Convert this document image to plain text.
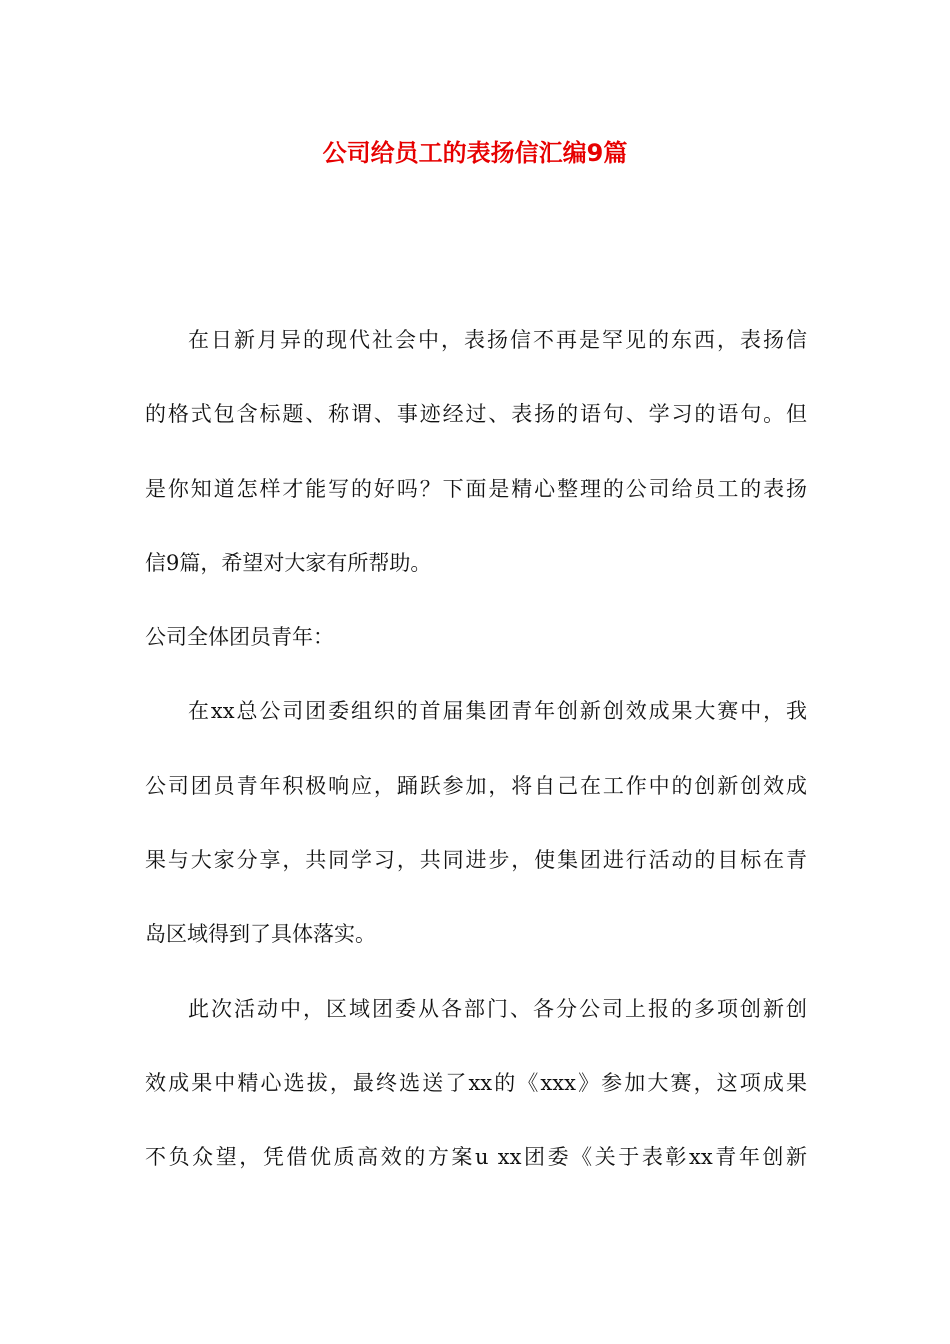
公司给员工的表扬信汇编9篇
在日新月异的现代社会中，表扬信不再是罕见的东西，表扬信
的格式包含标题、称谓、事迹经过、表扬的语句、学习的语句。但
是你知道怎样才能写的好吗？下面是精心整理的公司给员工的表扬
信9篇，希望对大家有所帮助。
公司全体团员青年：
在xx总公司团委组织的首届集团青年创新创效成果大赛中，我
公司团员青年积极响应，踊跃参加，将自己在工作中的创新创效成
果与大家分享，共同学习，共同进步，使集团进行活动的目标在青
岛区域得到了具体落实。
此次活动中，区域团委从各部门、各分公司上报的多项创新创
效成果中精心选拔，最终选送了xx的《xxx》参加大赛，这项成果
不负众望，凭借优质高效的方案u xx团委《关于表彰xx青年创新
